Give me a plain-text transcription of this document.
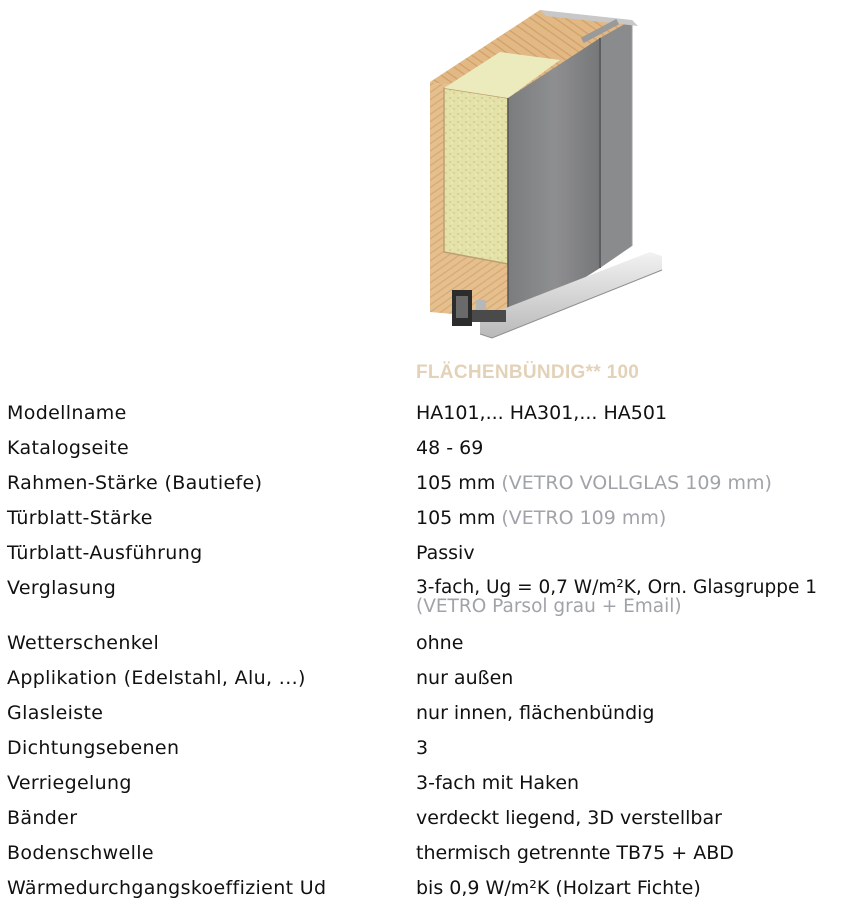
FLÄCHENBÜNDIG** 100
Modellname	HA101,... HA301,... HA501
Katalogseite	48 - 69
Rahmen-Stärke (Bautiefe)	105 mm (VETRO VOLLGLAS 109 mm)
Türblatt-Stärke	105 mm (VETRO 109 mm)
Türblatt-Ausführung	Passiv
Verglasung	3-fach, Ug = 0,7 W/m²K, Orn. Glasgruppe 1
(VETRO Parsol grau + Email)
Wetterschenkel	ohne
Applikation (Edelstahl, Alu, ...)	nur außen
Glasleiste	nur innen, flächenbündig
Dichtungsebenen	3
Verriegelung	3-fach mit Haken
Bänder	verdeckt liegend, 3D verstellbar
Bodenschwelle	thermisch getrennte TB75 + ABD
Wärmedurchgangskoeffizient Ud	bis 0,9 W/m²K (Holzart Fichte)
